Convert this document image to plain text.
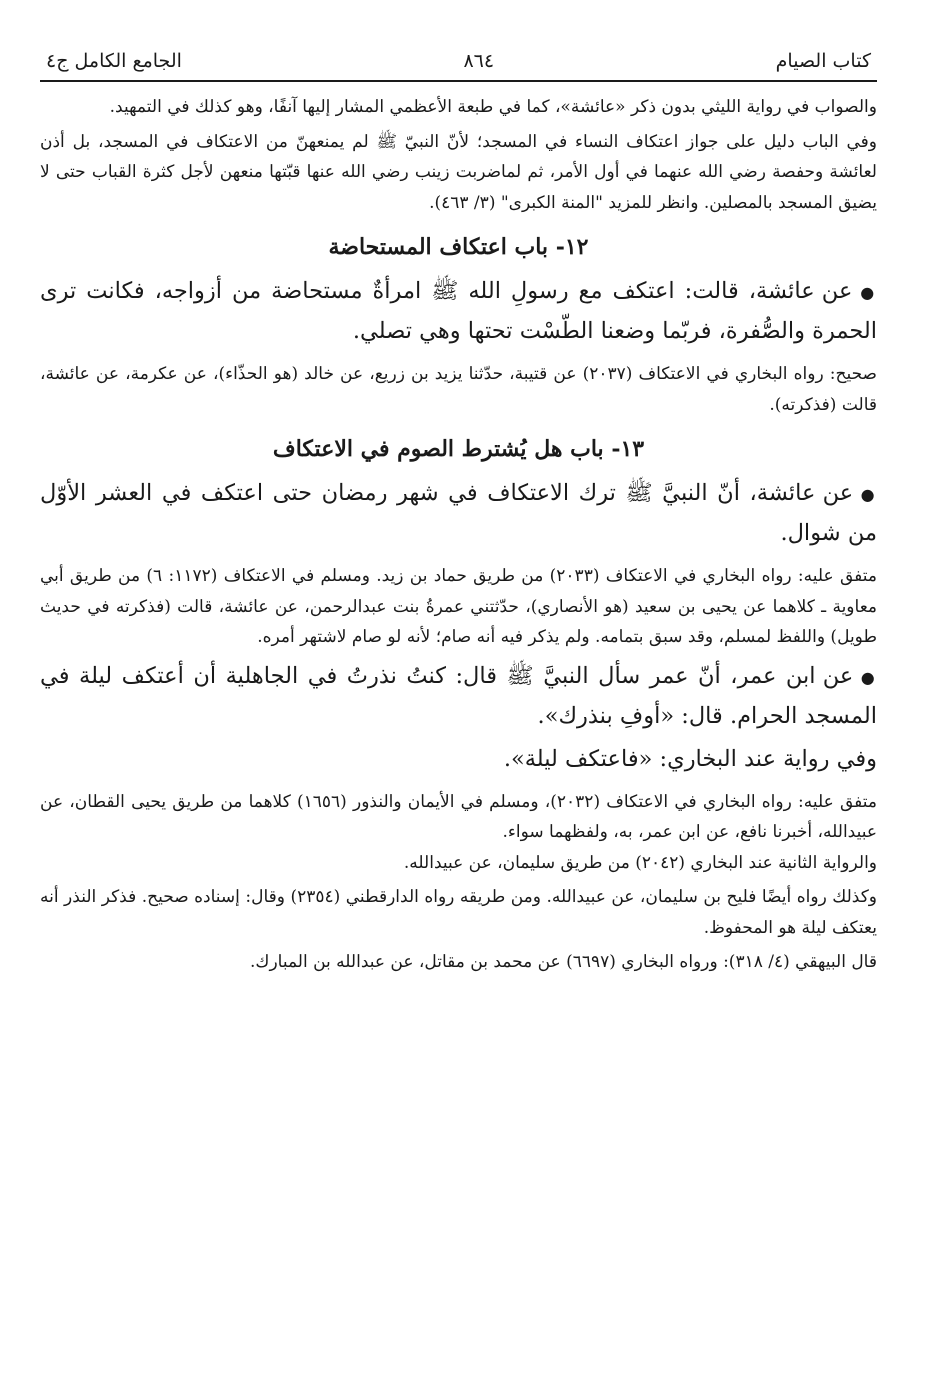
كتاب الصيام
٨٦٤
الجامع الكامل ج٤

والصواب في رواية الليثي بدون ذكر «عائشة»، كما في طبعة الأعظمي المشار إليها آنفًا، وهو كذلك في التمهيد.

وفي الباب دليل على جواز اعتكاف النساء في المسجد؛ لأنّ النبيّ ﷺ لم يمنعهنّ من الاعتكاف في المسجد، بل أذن لعائشة وحفصة رضي الله عنهما في أول الأمر، ثم لماضربت زينب رضي الله عنها قبّتها منعهن لأجل كثرة القباب حتى لا يضيق المسجد بالمصلين. وانظر للمزيد "المنة الكبرى" (٣/ ٤٦٣).

١٢- باب اعتكاف المستحاضة

● عن عائشة، قالت: اعتكف مع رسولِ الله ﷺ امرأةٌ مستحاضة من أزواجه، فكانت ترى الحمرة والصُّفرة، فربّما وضعنا الطّسْت تحتها وهي تصلي.

صحيح: رواه البخاري في الاعتكاف (٢٠٣٧) عن قتيبة، حدّثنا يزيد بن زريع، عن خالد (هو الحذّاء)، عن عكرمة، عن عائشة، قالت (فذكرته).

١٣- باب هل يُشترط الصوم في الاعتكاف

● عن عائشة، أنّ النبيَّ ﷺ ترك الاعتكاف في شهر رمضان حتى اعتكف في العشر الأوّل من شوال.

متفق عليه: رواه البخاري في الاعتكاف (٢٠٣٣) من طريق حماد بن زيد. ومسلم في الاعتكاف (١١٧٢: ٦) من طريق أبي معاوية ـ كلاهما عن يحيى بن سعيد (هو الأنصاري)، حدّثتني عمرةُ بنت عبدالرحمن، عن عائشة، قالت (فذكرته في حديث طويل) واللفظ لمسلم، وقد سبق بتمامه. ولم يذكر فيه أنه صام؛ لأنه لو صام لاشتهر أمره.

● عن ابن عمر، أنّ عمر سأل النبيَّ ﷺ قال: كنتُ نذرتُ في الجاهلية أن أعتكف ليلة في المسجد الحرام. قال: «أوفِ بنذرك».

وفي رواية عند البخاري: «فاعتكف ليلة».

متفق عليه: رواه البخاري في الاعتكاف (٢٠٣٢)، ومسلم في الأيمان والنذور (١٦٥٦) كلاهما من طريق يحيى القطان، عن عبيدالله، أخبرنا نافع، عن ابن عمر، به، ولفظهما سواء.

والرواية الثانية عند البخاري (٢٠٤٢) من طريق سليمان، عن عبيدالله.

وكذلك رواه أيضًا فليح بن سليمان، عن عبيدالله. ومن طريقه رواه الدارقطني (٢٣٥٤) وقال: إسناده صحيح. فذكر النذر أنه يعتكف ليلة هو المحفوظ.

قال البيهقي (٤/ ٣١٨): ورواه البخاري (٦٦٩٧) عن محمد بن مقاتل، عن عبدالله بن المبارك.
